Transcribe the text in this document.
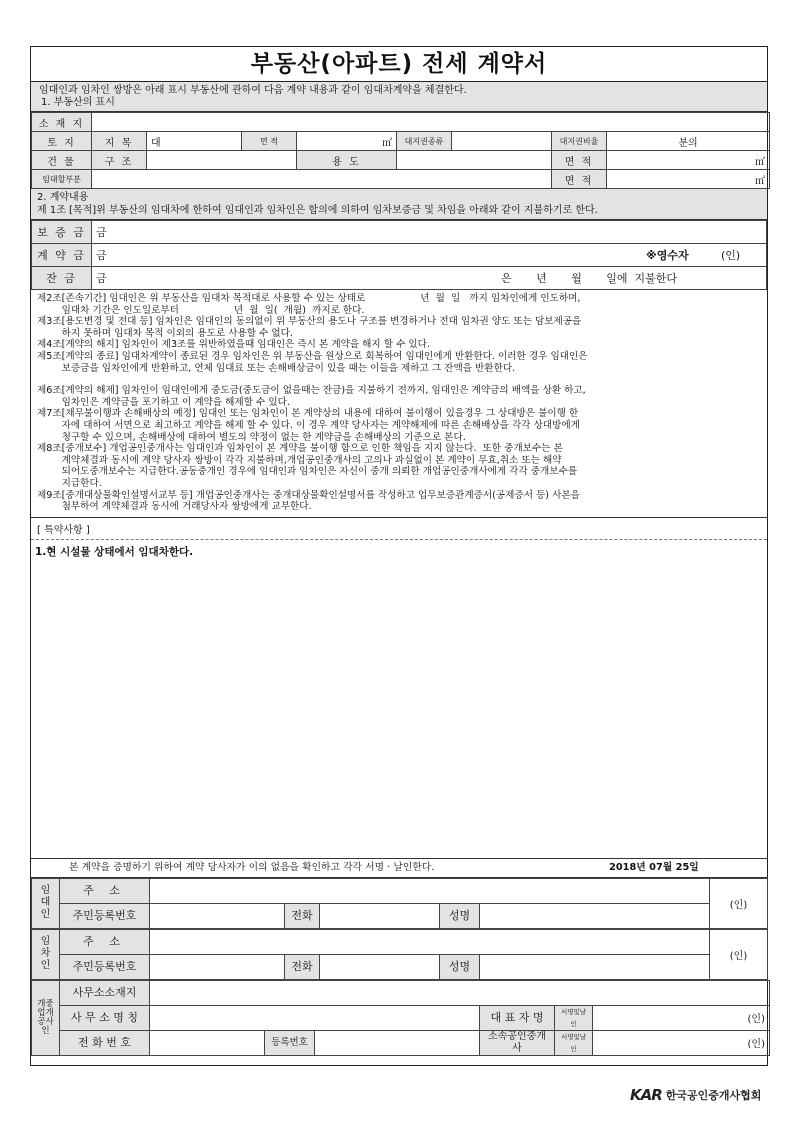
부동산(아파트) 전세 계약서
임대인과 임차인 쌍방은 아래 표시 부동산에 관하여 다음 계약 내용과 같이 임대차계약을 체결한다.
1. 부동산의 표시
소 재 지								
토 지	지 목	대	면 적	㎡	대지권종류		대지권비율	분의
건 물	구 조			용 도			면 적	㎡
임대할부분							면 적	㎡
2. 계약내용
제 1조 [목적]위 부동산의 임대차에 한하여 임대인과 임차인은 합의에 의하여 임차보증금 및 차임을 아래와 같이 지불하기로 한다.
보 증 금	금
계 약 금	금 ※영수자 (인)

잔 금	금 은       년       월       일에  지불한다
제2조 [존속기간] 임대인은 위 부동산을 임대차 목적대로 사용할 수 있는 상태로                  년  월  일   까지 임차인에게 인도하며,
임대차 기간은 인도일로부터                  년  월  일(  개월)  까지로 한다.
제3조 [용도변경 및 전대 등] 임차인은 임대인의 동의없이 위 부동산의 용도나 구조를 변경하거나 전대 임차권 양도 또는 담보제공을
하지 못하며 임대차 목적 이외의 용도로 사용할 수 없다.
제4조 [계약의 해지] 임차인이 제3조를 위반하였을때 임대인은 즉시 본 계약을 해지 할 수 있다.
제5조 [계약의 종료] 임대차계약이 종료된 경우 임차인은 위 부동산을 원상으로 회복하여 임대인에게 반환한다. 이러한 경우 임대인은
보증금을 임차인에게 반환하고, 연체 임대료 또는 손해배상금이 있을 때는 이들을 제하고 그 잔액을 반환한다.
제6조 [계약의 해제] 임차인이 임대인에게 중도금(중도금이 없을때는 잔금)을 지불하기 전까지, 임대인은 계약금의 배액을 상환 하고,
임차인은 계약금을 포기하고 이 계약을 해제할 수 있다.
제7조 [채무불이행과 손해배상의 예정] 임대인 또는 임차인이 본 계약상의 내용에 대하여 불이행이 있을경우 그 상대방은 불이행 한
자에 대하여 서면으로 최고하고 계약을 해제 할 수 있다. 이 경우 계약 당사자는 계약해제에 따른 손해배상을 각각 상대방에게
청구할 수 있으며, 손해배상에 대하여 별도의 약정이 없는 한 계약금을 손해배상의 기준으로 본다.
제8조 [중개보수] 개업공인중개사는 임대인과 임차인이 본 계약을 불이행 함으로 인한 책임을 지지 않는다.  또한 중개보수는 본
계약체결과 동시에 계약 당사자 쌍방이 각각 지불하며,개업공인중개사의 고의나 과실없이 본 계약이 무효,취소 또는 해약
되어도중개보수는 지급한다.공동중개인 경우에 임대인과 임차인은 자신이 중개 의뢰한 개업공인중개사에게 각각 중개보수를
지급한다.
제9조 [중개대상물확인설명서교부 등] 개업공인중개사는 중개대상물확인설명서를 작성하고 업무보증관계증서(공제증서 등) 사본을
첨부하여 계약체결과 동시에 거래당사자 쌍방에게 교부한다.
[ 특약사항 ]
1.현 시설물 상태에서 임대차한다.
본 계약을 증명하기 위하여 계약 당사자가 이의 없음을 확인하고 각각 서명 · 날인한다.	2018년 07월 25일
임대인	주 소						(인)
	주민등록번호		전화		성명		
임차인	주 소						(인)
	주민등록번호		전화		성명		
개중업개공사인	사무소소재지						
	사 무 소 명 칭				대 표 자 명	서명및날인	(인)
	전 화 번 호		등록번호		소속공인중개사	서명및날인	(인)
KAR 한국공인중개사협회
